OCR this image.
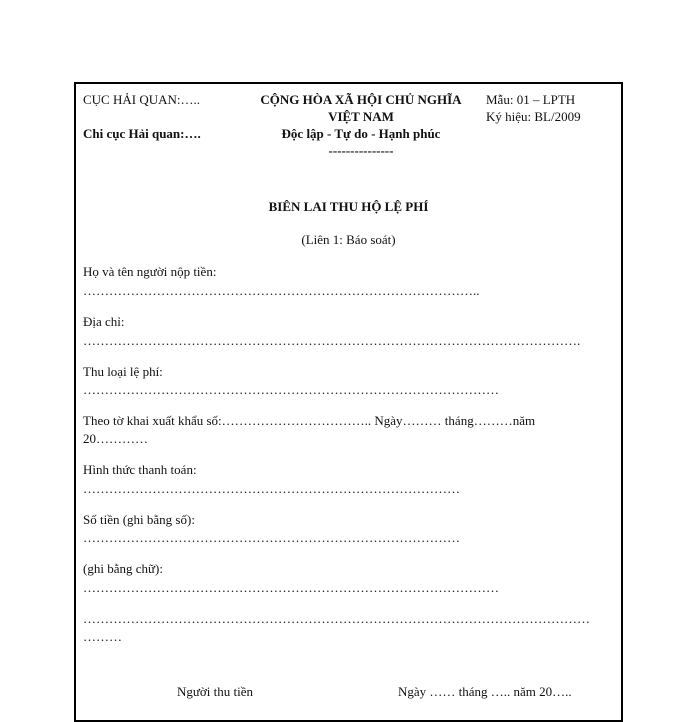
CỤC HẢI QUAN:…..
Chi cục Hải quan:….
CỘNG HÒA XÃ HỘI CHỦ NGHĨA
VIỆT NAM
Độc lập - Tự do - Hạnh phúc
---------------
Mẫu: 01 – LPTH
Ký hiệu: BL/2009
BIÊN LAI THU HỘ LỆ PHÍ
(Liên 1: Báo soát)
Họ và tên người nộp tiền:
………………………………………………………………………………..
Địa chỉ:
…………………………………………………………………………………………………….
Thu loại lệ phí:
……………………………………………………………………………………
Theo tờ khai xuất khẩu số:…………………………….. Ngày……… tháng………năm
20…………
Hình thức thanh toán:
……………………………………………………………………………
Số tiền (ghi bằng số):
……………………………………………………………………………
(ghi bằng chữ):
……………………………………………………………………………………
………………………………………………………………………………………………………
………
Người thu tiền	Ngày …… tháng ….. năm 20…..
